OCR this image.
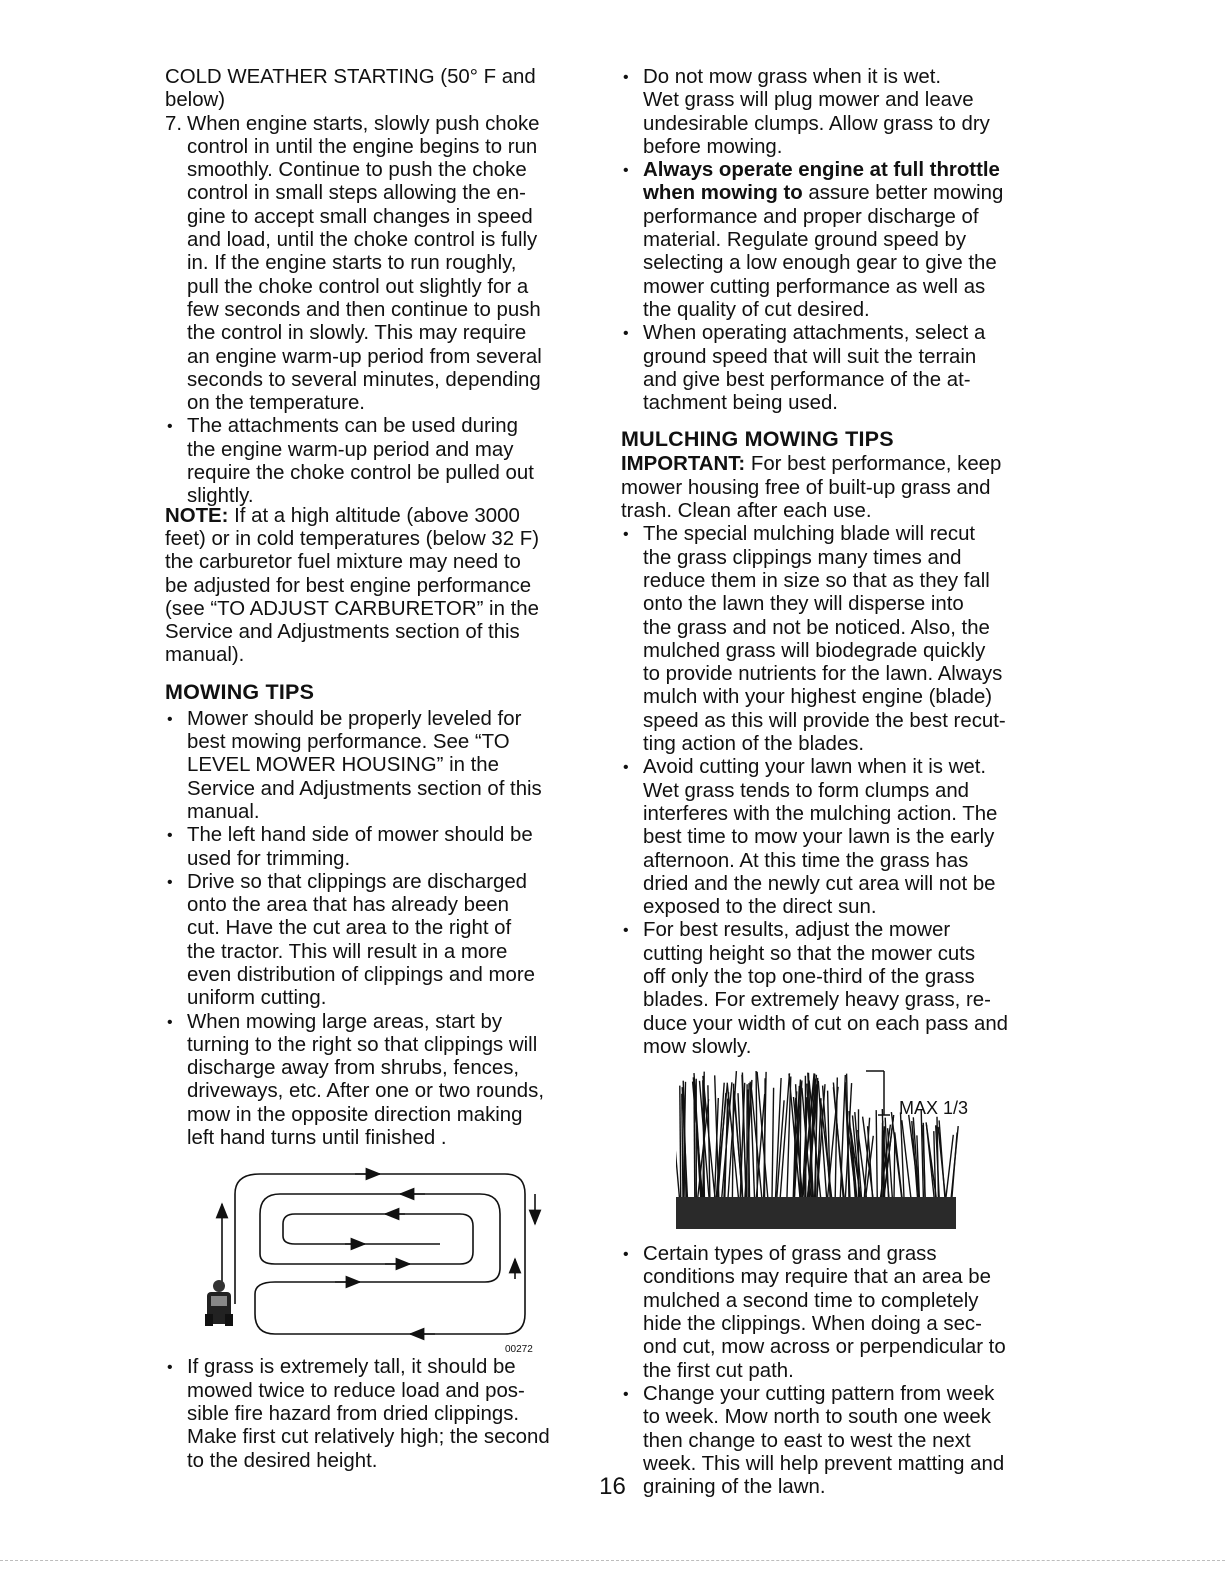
COLD WEATHER STARTING (50° F and
below)

7. When engine starts, slowly push choke
control in until the engine begins to run
smoothly. Continue to push the choke
control in small steps allowing the en-
gine to accept small changes in speed
and load, until the choke control is fully
in. If the engine starts to run roughly,
pull the choke control out slightly for a
few seconds and then continue to push
the control in slowly. This may require
an engine warm-up period from several
seconds to several minutes, depending
on the temperature.
• The attachments can be used during
the engine warm-up period and may
require the choke control be pulled out
slightly.

NOTE: If at a high altitude (above 3000
feet) or in cold temperatures (below 32 F)
the carburetor fuel mixture may need to
be adjusted for best engine performance
(see “TO ADJUST CARBURETOR” in the
Service and Adjustments section of this
manual).

MOWING TIPS

• Mower should be properly leveled for
best mowing performance. See “TO
LEVEL MOWER HOUSING” in the
Service and Adjustments section of this
manual.
• The left hand side of mower should be
used for trimming.
• Drive so that clippings are discharged
onto the area that has already been
cut. Have the cut area to the right of
the tractor. This will result in a more
even distribution of clippings and more
uniform cutting.
• When mowing large areas, start by
turning to the right so that clippings will
discharge away from shrubs, fences,
driveways, etc. After one or two rounds,
mow in the opposite direction making
left hand turns until finished .
00272
• If grass is extremely tall, it should be
mowed twice to reduce load and pos-
sible fire hazard from dried clippings.
Make first cut relatively high; the second
to the desired height.
• Do not mow grass when it is wet.
Wet grass will plug mower and leave
undesirable clumps. Allow grass to dry
before mowing.
• Always operate engine at full throttle
when mowing to assure better mowing
performance and proper discharge of
material. Regulate ground speed by
selecting a low enough gear to give the
mower cutting performance as well as
the quality of cut desired.
• When operating attachments, select a
ground speed that will suit the terrain
and give best performance of the at-
tachment being used.

MULCHING MOWING TIPS

IMPORTANT: For best performance, keep
mower housing free of built-up grass and
trash. Clean after each use.

• The special mulching blade will recut
the grass clippings many times and
reduce them in size so that as they fall
onto the lawn they will disperse into
the grass and not be noticed. Also, the
mulched grass will biodegrade quickly
to provide nutrients for the lawn. Always
mulch with your highest engine (blade)
speed as this will provide the best recut-
ting action of the blades.
• Avoid cutting your lawn when it is wet.
Wet grass tends to form clumps and
interferes with the mulching action. The
best time to mow your lawn is the early
afternoon. At this time the grass has
dried and the newly cut area will not be
exposed to the direct sun.
• For best results, adjust the mower
cutting height so that the mower cuts
off only the top one-third of the grass
blades. For extremely heavy grass, re-
duce your width of cut on each pass and
mow slowly.
MAX 1/3
• Certain types of grass and grass
conditions may require that an area be
mulched a second time to completely
hide the clippings. When doing a sec-
ond cut, mow across or perpendicular to
the first cut path.
• Change your cutting pattern from week
to week. Mow north to south one week
then change to east to west the next
week. This will help prevent matting and
graining of the lawn.
16
